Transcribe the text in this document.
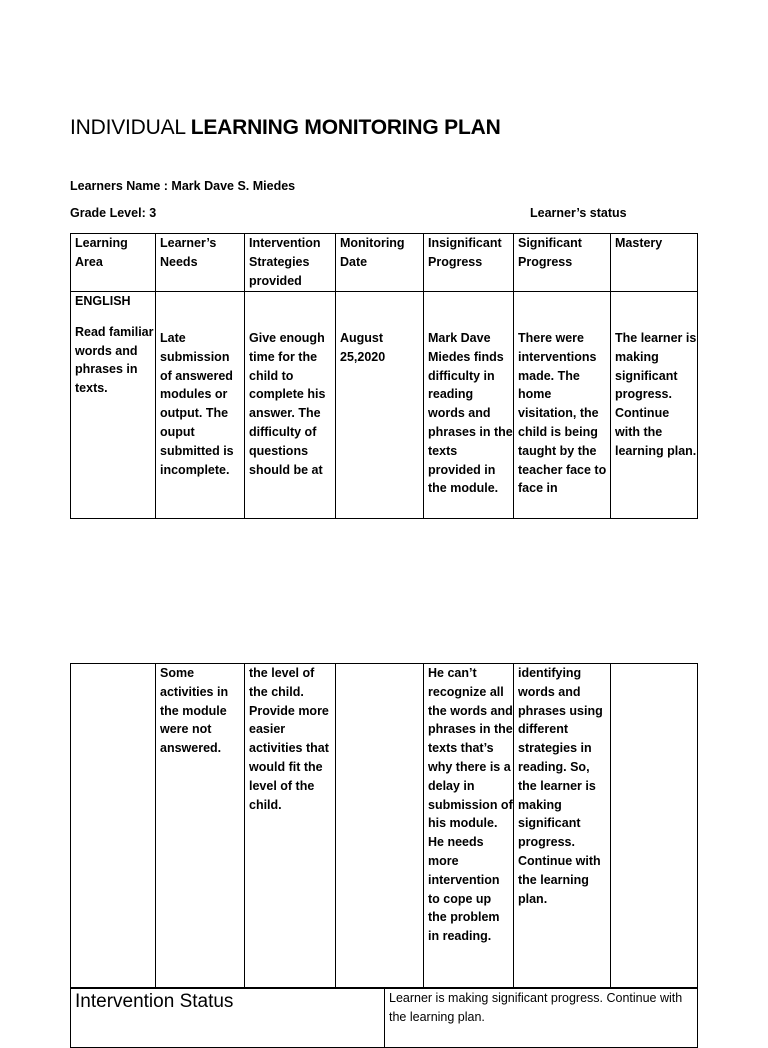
INDIVIDUAL LEARNING MONITORING PLAN
Learners Name : Mark Dave S. Miedes
Grade Level: 3	Learner’s status
Learning Area	Learner’s Needs	Intervention Strategies provided	Monitoring Date	Insignificant Progress	Significant Progress	Mastery

ENGLISH
Read familiar words and phrases in texts.	Late submission of answered modules or output. The ouput submitted is incomplete.	Give enough time for the child to complete his answer. The difficulty of questions should be at	August 25,2020	Mark Dave Miedes finds difficulty in reading words and phrases in the texts provided in the module.	There were interventions made. The home visitation, the child is being taught by the teacher face to face in	The learner is making significant progress. Continue with the learning plan.
	Some activities in the module were not answered.	the level of the child. Provide more easier activities that would fit the level of the child.		He can’t recognize all the words and phrases in the texts that’s why there is a delay in submission of his module. He needs more intervention to cope up the problem in reading.	identifying words and phrases using different strategies in reading. So, the learner is making significant progress. Continue with the learning plan.	
Intervention Status	Learner is making significant progress. Continue with the learning plan.
